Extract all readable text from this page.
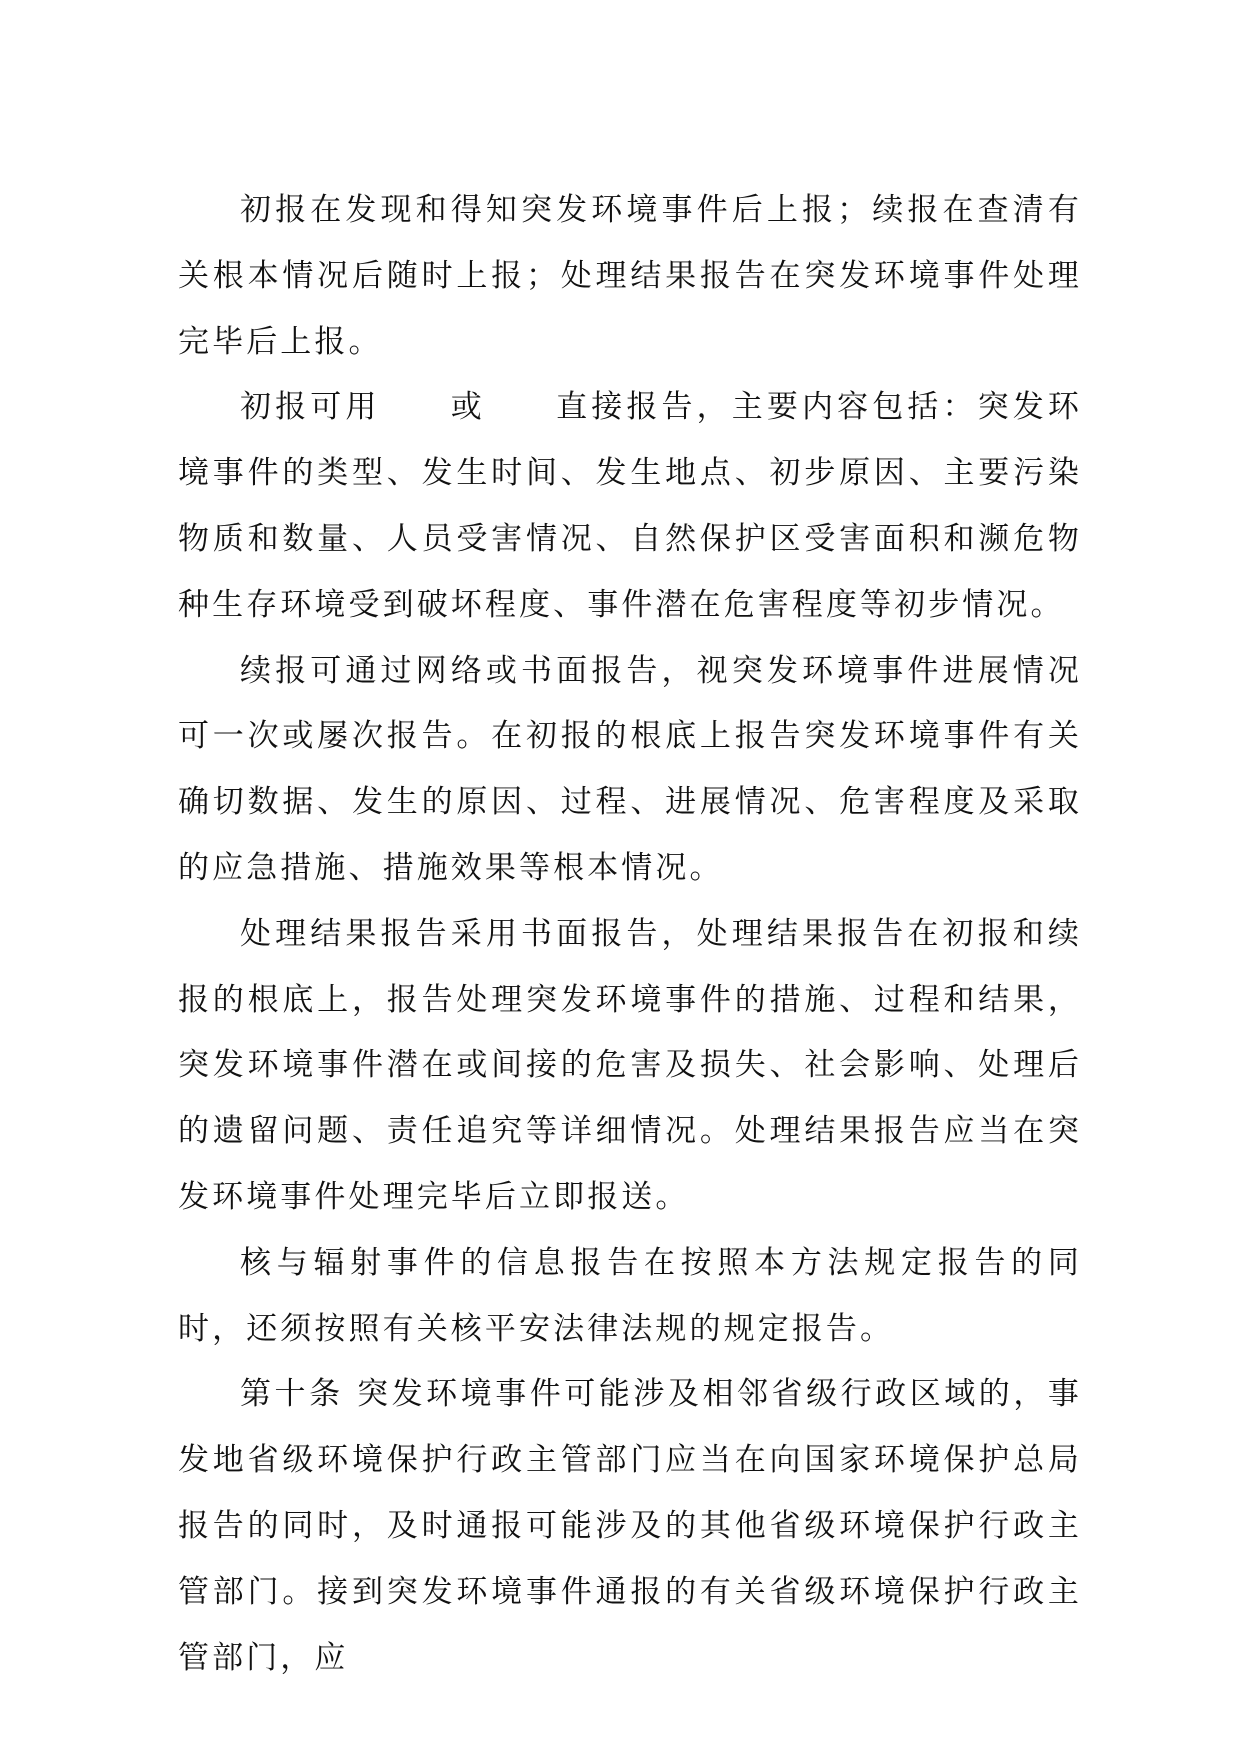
初报在发现和得知突发环境事件后上报；续报在查清有关根本情况后随时上报；处理结果报告在突发环境事件处理完毕后上报。

初报可用　　或　　直接报告，主要内容包括：突发环境事件的类型、发生时间、发生地点、初步原因、主要污染物质和数量、人员受害情况、自然保护区受害面积和濒危物种生存环境受到破坏程度、事件潜在危害程度等初步情况。

续报可通过网络或书面报告，视突发环境事件进展情况可一次或屡次报告。在初报的根底上报告突发环境事件有关确切数据、发生的原因、过程、进展情况、危害程度及采取的应急措施、措施效果等根本情况。

处理结果报告采用书面报告，处理结果报告在初报和续报的根底上，报告处理突发环境事件的措施、过程和结果，突发环境事件潜在或间接的危害及损失、社会影响、处理后的遗留问题、责任追究等详细情况。处理结果报告应当在突发环境事件处理完毕后立即报送。

核与辐射事件的信息报告在按照本方法规定报告的同时，还须按照有关核平安法律法规的规定报告。

第十条 突发环境事件可能涉及相邻省级行政区域的，事发地省级环境保护行政主管部门应当在向国家环境保护总局报告的同时，及时通报可能涉及的其他省级环境保护行政主管部门。接到突发环境事件通报的有关省级环境保护行政主管部门，应
